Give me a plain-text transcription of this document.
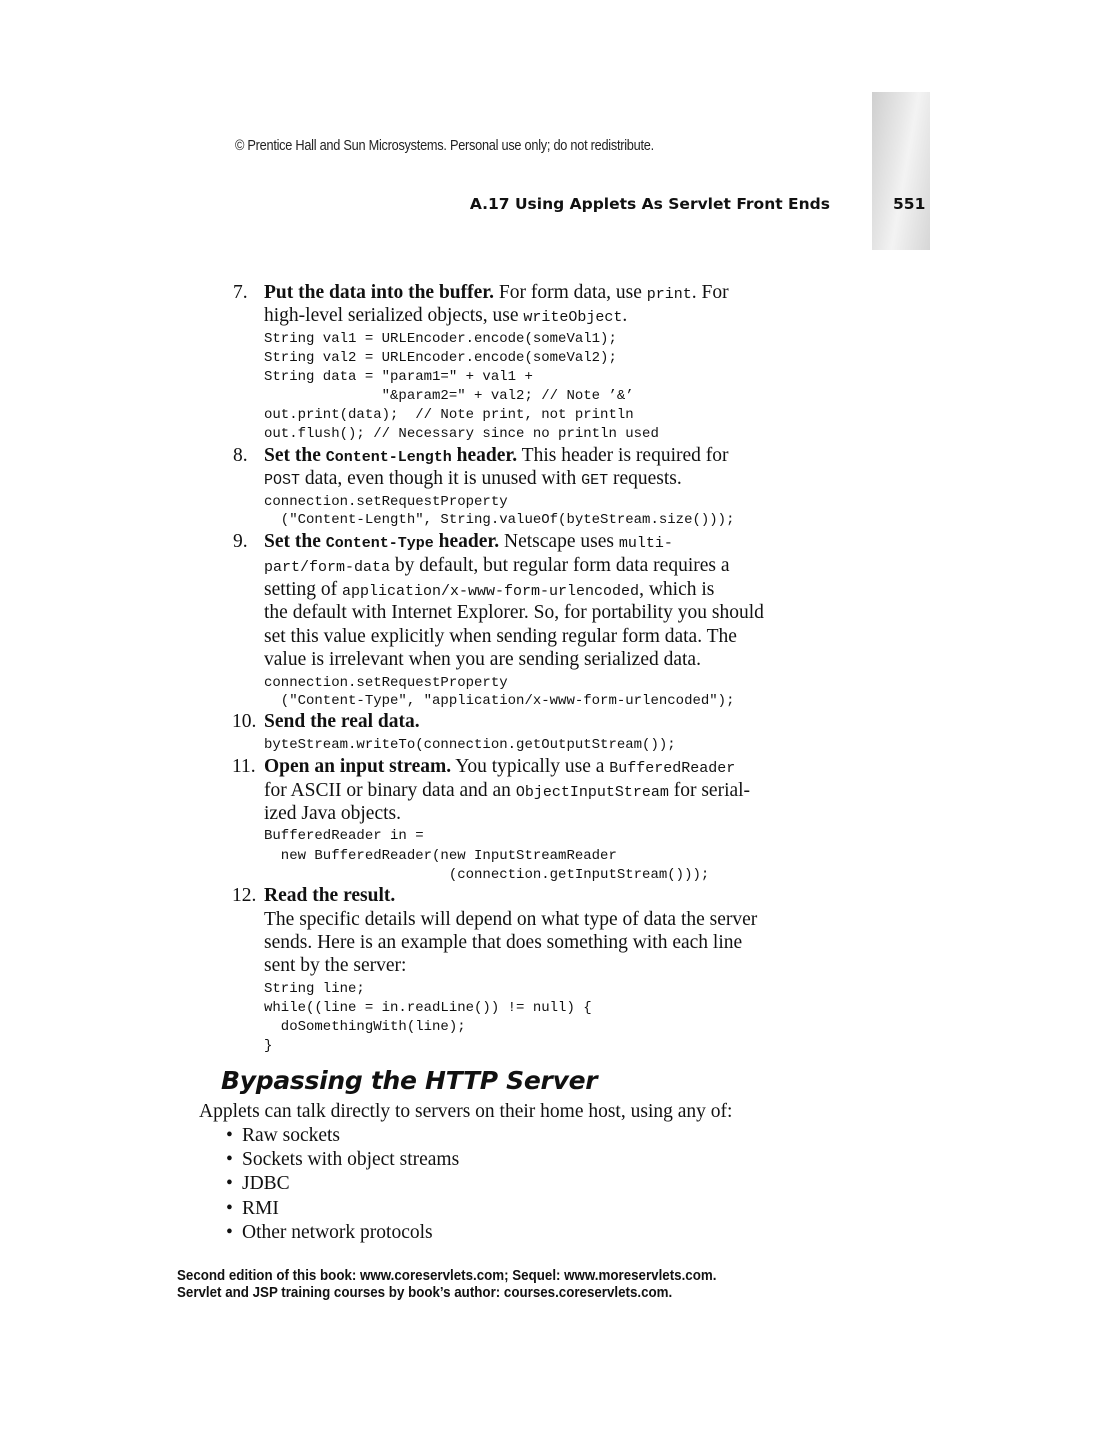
© Prentice Hall and Sun Microsystems. Personal use only; do not redistribute.
A.17 Using Applets As Servlet Front Ends	551
7. Put the data into the buffer. For form data, use print. For
high-level serialized objects, use writeObject.
String val1 = URLEncoder.encode(someVal1);
String val2 = URLEncoder.encode(someVal2);
String data = "param1=" + val1 +
"&param2=" + val2; // Note ’&’
out.print(data);  // Note print, not println
out.flush(); // Necessary since no println used
8. Set the Content-Length header. This header is required for
POST data, even though it is unused with GET requests.
connection.setRequestProperty
("Content-Length", String.valueOf(byteStream.size()));
9. Set the Content-Type header. Netscape uses multi-
part/form-data by default, but regular form data requires a
setting of application/x-www-form-urlencoded, which is
the default with Internet Explorer. So, for portability you should
set this value explicitly when sending regular form data. The
value is irrelevant when you are sending serialized data.
connection.setRequestProperty
("Content-Type", "application/x-www-form-urlencoded");
10. Send the real data.
byteStream.writeTo(connection.getOutputStream());
11. Open an input stream. You typically use a BufferedReader
for ASCII or binary data and an ObjectInputStream for serial-
ized Java objects.
BufferedReader in =
new BufferedReader(new InputStreamReader
(connection.getInputStream()));
12. Read the result.
The specific details will depend on what type of data the server
sends. Here is an example that does something with each line
sent by the server:
String line;
while((line = in.readLine()) != null) {
doSomethingWith(line);
}
Bypassing the HTTP Server
Applets can talk directly to servers on their home host, using any of:
• Raw sockets
• Sockets with object streams
• JDBC
• RMI
• Other network protocols
Second edition of this book: www.coreservlets.com; Sequel: www.moreservlets.com.
Servlet and JSP training courses by book’s author: courses.coreservlets.com.
